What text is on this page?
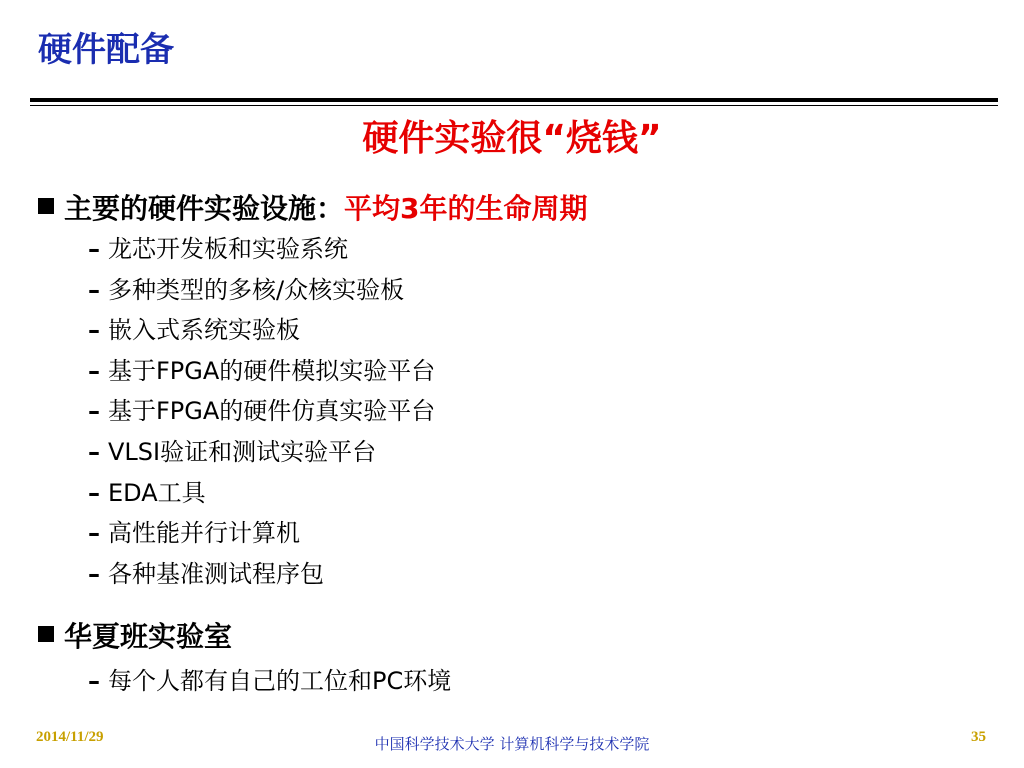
硬件配备
硬件实验很“烧钱”
主要的硬件实验设施：平均3年的生命周期
– 龙芯开发板和实验系统
– 多种类型的多核/众核实验板
– 嵌入式系统实验板
– 基于FPGA的硬件模拟实验平台
– 基于FPGA的硬件仿真实验平台
– VLSI验证和测试实验平台
– EDA工具
– 高性能并行计算机
– 各种基准测试程序包
华夏班实验室
– 每个人都有自己的工位和PC环境
2014/11/29	中国科学技术大学 计算机科学与技术学院	35
